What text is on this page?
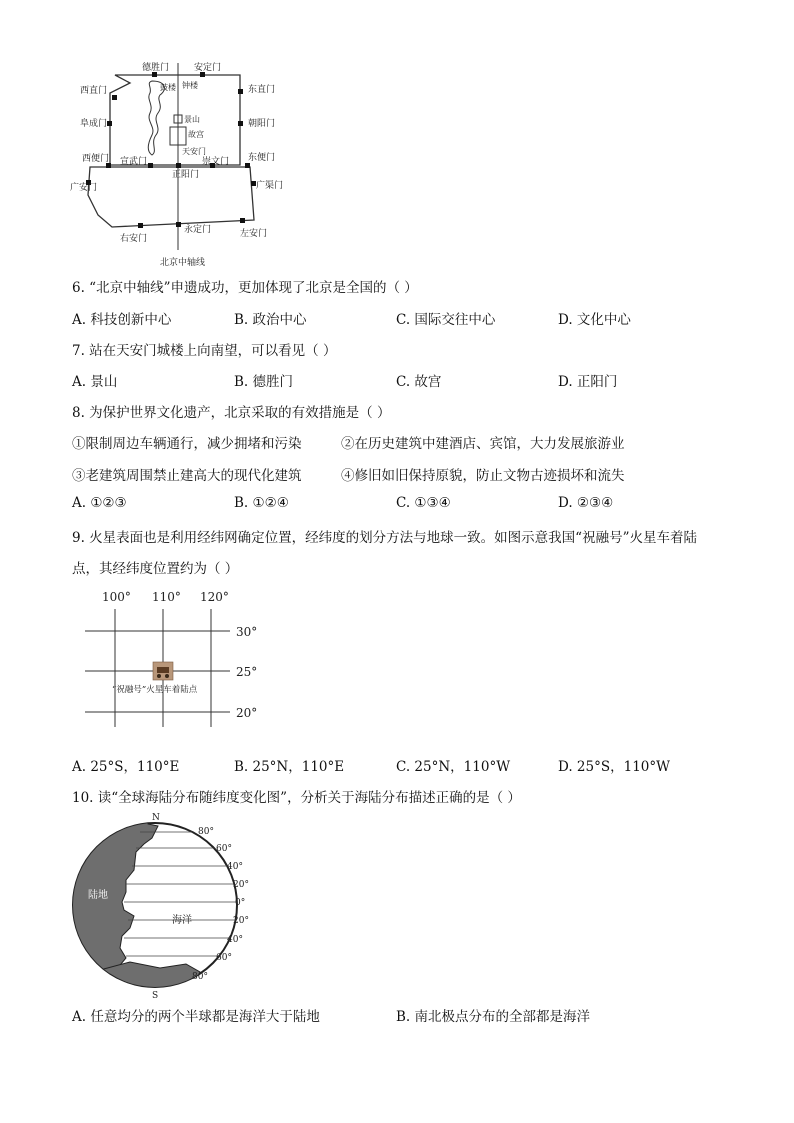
德胜门	安定门
西直门	东直门
阜成门	朝阳门
西便门	东便门
宣武门	崇文门
正阳门
广安门	广渠门
右安门
永定门	左安门
鼓楼 钟楼
景山
故宫
天安门
北京中轴线
6. “北京中轴线”申遗成功，更加体现了北京是全国的（ ）
A. 科技创新中心	B. 政治中心	C. 国际交往中心	D. 文化中心
7. 站在天安门城楼上向南望，可以看见（ ）
A. 景山	B. 德胜门	C. 故宫	D. 正阳门
8. 为保护世界文化遗产，北京采取的有效措施是（ ）
①限制周边车辆通行，减少拥堵和污染	②在历史建筑中建酒店、宾馆，大力发展旅游业
③老建筑周围禁止建高大的现代化建筑	④修旧如旧保持原貌，防止文物古迹损坏和流失
A. ①②③	B. ①②④	C. ①③④	D. ②③④
9. 火星表面也是利用经纬网确定位置，经纬度的划分方法与地球一致。如图示意我国“祝融号”火星车着陆
点，其经纬度位置约为（ ）
100° 110° 120°
30°
25°
20°
“祝融号”火星车着陆点
A. 25°S，110°E	B. 25°N，110°E	C. 25°N，110°W	D. 25°S，110°W
10. 读“全球海陆分布随纬度变化图”，分析关于海陆分布描述正确的是（ ）
N
S
陆地
海洋
80°
60°
40°
20°
0°
20°
40°
60°
80°
A. 任意均分的两个半球都是海洋大于陆地	B. 南北极点分布的全部都是海洋
